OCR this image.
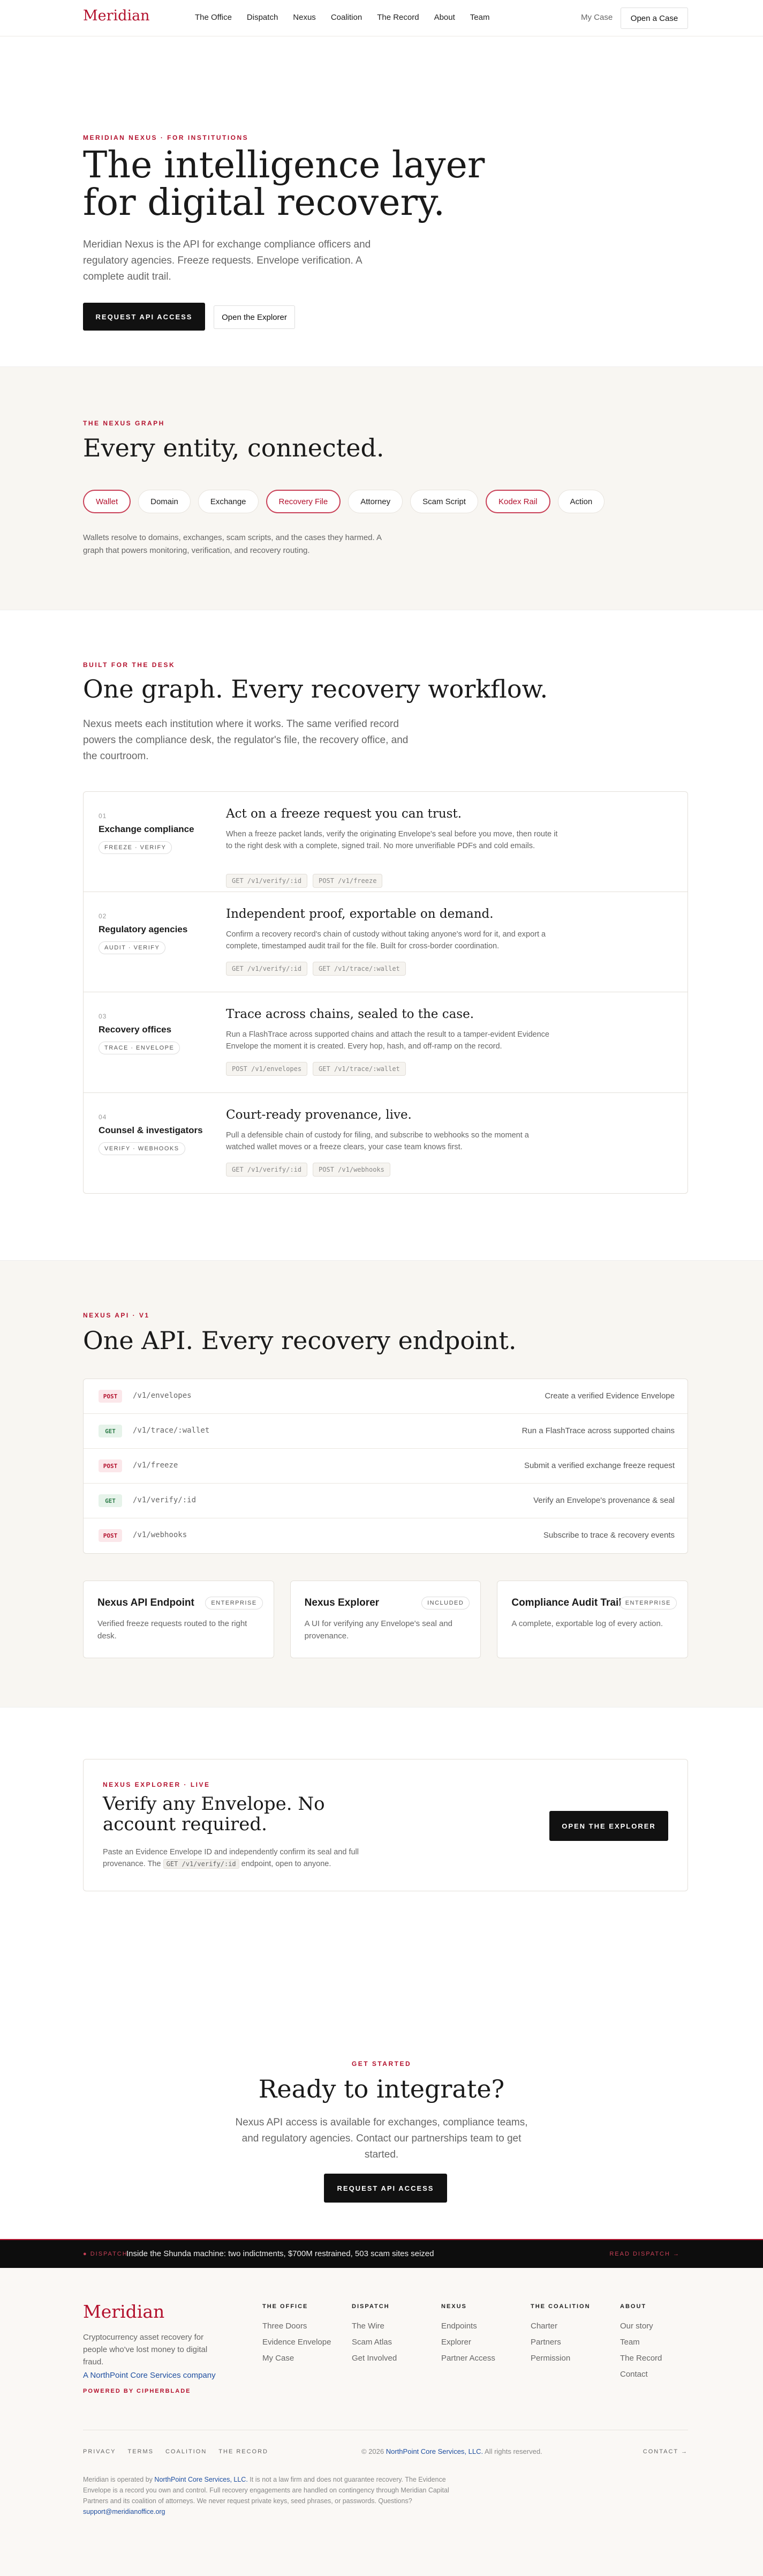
Meridian	The Office Dispatch Nexus Coalition The Record About Team	My Case	Open a Case
MERIDIAN NEXUS · FOR INSTITUTIONS
The intelligence layer for digital recovery.

Meridian Nexus is the API for exchange compliance officers and regulatory agencies. Freeze requests. Envelope verification. A complete audit trail.

REQUEST API ACCESS	Open the Explorer
THE NEXUS GRAPH
Every entity, connected.
Wallet	Domain	Exchange	Recovery File	Attorney	Scam Script	Kodex Rail	Action

Wallets resolve to domains, exchanges, scam scripts, and the cases they harmed. A graph that powers monitoring, verification, and recovery routing.

BUILT FOR THE DESK
One graph. Every recovery workflow.

Nexus meets each institution where it works. The same verified record powers the compliance desk, the regulator's file, the recovery office, and the courtroom.

01
Exchange compliance
FREEZE · VERIFY
Act on a freeze request you can trust.
When a freeze packet lands, verify the originating Envelope's seal before you move, then route it to the right desk with a complete, signed trail. No more unverifiable PDFs and cold emails.
GET /v1/verify/:id	POST /v1/freeze
02
Regulatory agencies
AUDIT · VERIFY
Independent proof, exportable on demand.
Confirm a recovery record's chain of custody without taking anyone's word for it, and export a complete, timestamped audit trail for the file. Built for cross-border coordination.
GET /v1/verify/:id	GET /v1/trace/:wallet
03
Recovery offices
TRACE · ENVELOPE
Trace across chains, sealed to the case.
Run a FlashTrace across supported chains and attach the result to a tamper-evident Evidence Envelope the moment it is created. Every hop, hash, and off-ramp on the record.
POST /v1/envelopes	GET /v1/trace/:wallet
04
Counsel & investigators
VERIFY · WEBHOOKS
Court-ready provenance, live.
Pull a defensible chain of custody for filing, and subscribe to webhooks so the moment a watched wallet moves or a freeze clears, your case team knows first.
GET /v1/verify/:id	POST /v1/webhooks
NEXUS API · V1
One API. Every recovery endpoint.
POST	/v1/envelopes	Create a verified Evidence Envelope
GET	/v1/trace/:wallet	Run a FlashTrace across supported chains
POST	/v1/freeze	Submit a verified exchange freeze request
GET	/v1/verify/:id	Verify an Envelope's provenance & seal
POST	/v1/webhooks	Subscribe to trace & recovery events
Nexus API Endpoint	ENTERPRISE

Verified freeze requests routed to the right desk.

Nexus Explorer	INCLUDED

A UI for verifying any Envelope's seal and provenance.

Compliance Audit Trail ENTERPRISE

A complete, exportable log of every action.

NEXUS EXPLORER · LIVE
Verify any Envelope. No account required.

Paste an Evidence Envelope ID and independently confirm its seal and full provenance. The GET /v1/verify/:id endpoint, open to anyone.

OPEN THE EXPLORER
GET STARTED
Ready to integrate?

Nexus API access is available for exchanges, compliance teams, and regulatory agencies. Contact our partnerships team to get started.

REQUEST API ACCESS
● DISPATCH
Inside the Shunda machine: two indictments, $700M restrained, 503 scam sites seized	READ DISPATCH →
Meridian
Cryptocurrency asset recovery for people who've lost money to digital fraud.
A NorthPoint Core Services company
POWERED BY CIPHERBLADE
THE OFFICE
Three Doors
Evidence Envelope
My Case
DISPATCH
The Wire
Scam Atlas
Get Involved
NEXUS
Endpoints
Explorer
Partner Access
THE COALITION
Charter
Partners
Permission
ABOUT
Our story
Team
The Record
Contact
PRIVACY TERMS COALITION THE RECORD	© 2026 NorthPoint Core Services, LLC. All rights reserved.	CONTACT →
Meridian is operated by NorthPoint Core Services, LLC. It is not a law firm and does not guarantee recovery. The Evidence Envelope is a record you own and control. Full recovery engagements are handled on contingency through Meridian Capital Partners and its coalition of attorneys. We never request private keys, seed phrases, or passwords. Questions?
support@meridianoffice.org
